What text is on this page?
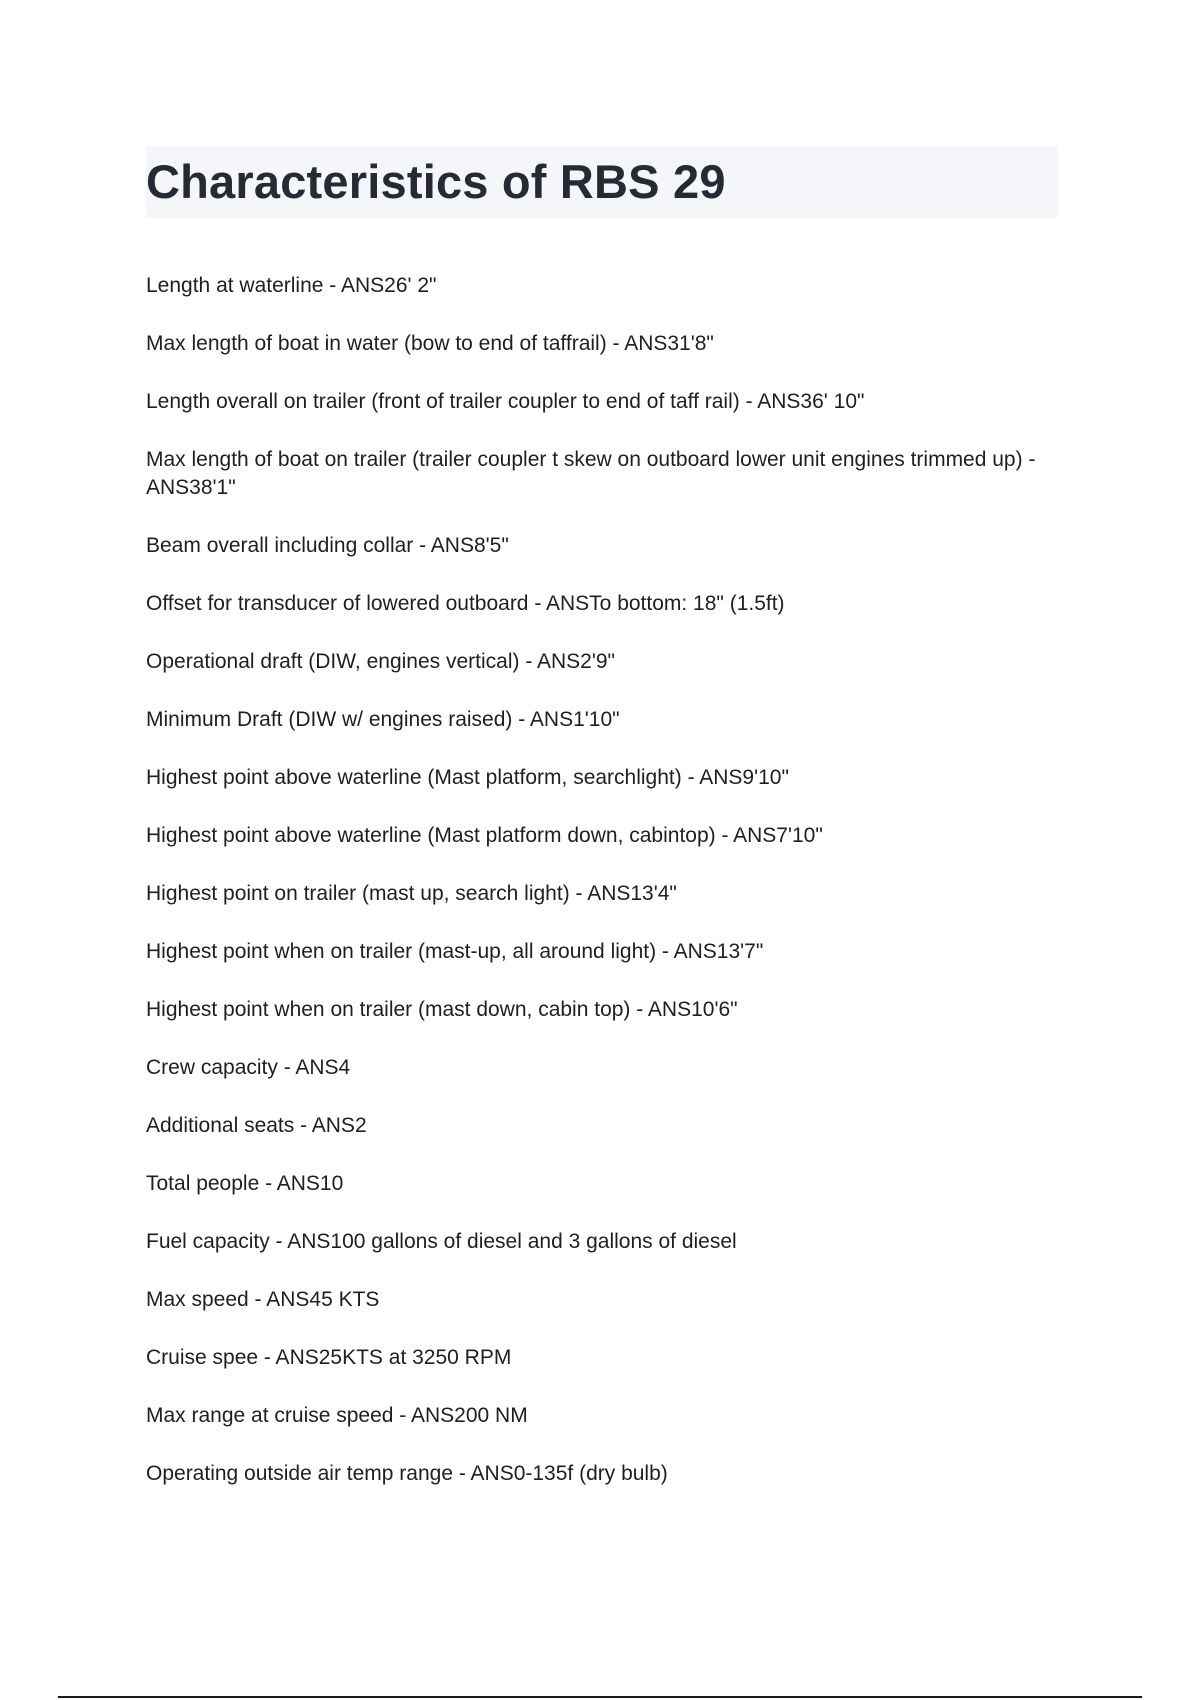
Characteristics of RBS 29
Length at waterline - ANS26' 2"
Max length of boat in water (bow to end of taffrail) - ANS31'8"
Length overall on trailer (front of trailer coupler to end of taff rail) - ANS36' 10"
Max length of boat on trailer (trailer coupler t skew on outboard lower unit engines trimmed up) - ANS38'1"
Beam overall including collar - ANS8'5"
Offset for transducer of lowered outboard - ANSTo bottom: 18" (1.5ft)
Operational draft (DIW, engines vertical) - ANS2'9"
Minimum Draft (DIW w/ engines raised) - ANS1'10"
Highest point above waterline (Mast platform, searchlight) - ANS9'10"
Highest point above waterline (Mast platform down, cabintop) - ANS7'10"
Highest point on trailer (mast up, search light) - ANS13'4"
Highest point when on trailer (mast-up, all around light) - ANS13'7"
Highest point when on trailer (mast down, cabin top) - ANS10'6"
Crew capacity - ANS4
Additional seats - ANS2
Total people - ANS10
Fuel capacity - ANS100 gallons of diesel and 3 gallons of diesel
Max speed - ANS45 KTS
Cruise spee - ANS25KTS at 3250 RPM
Max range at cruise speed - ANS200 NM
Operating outside air temp range - ANS0-135f (dry bulb)
